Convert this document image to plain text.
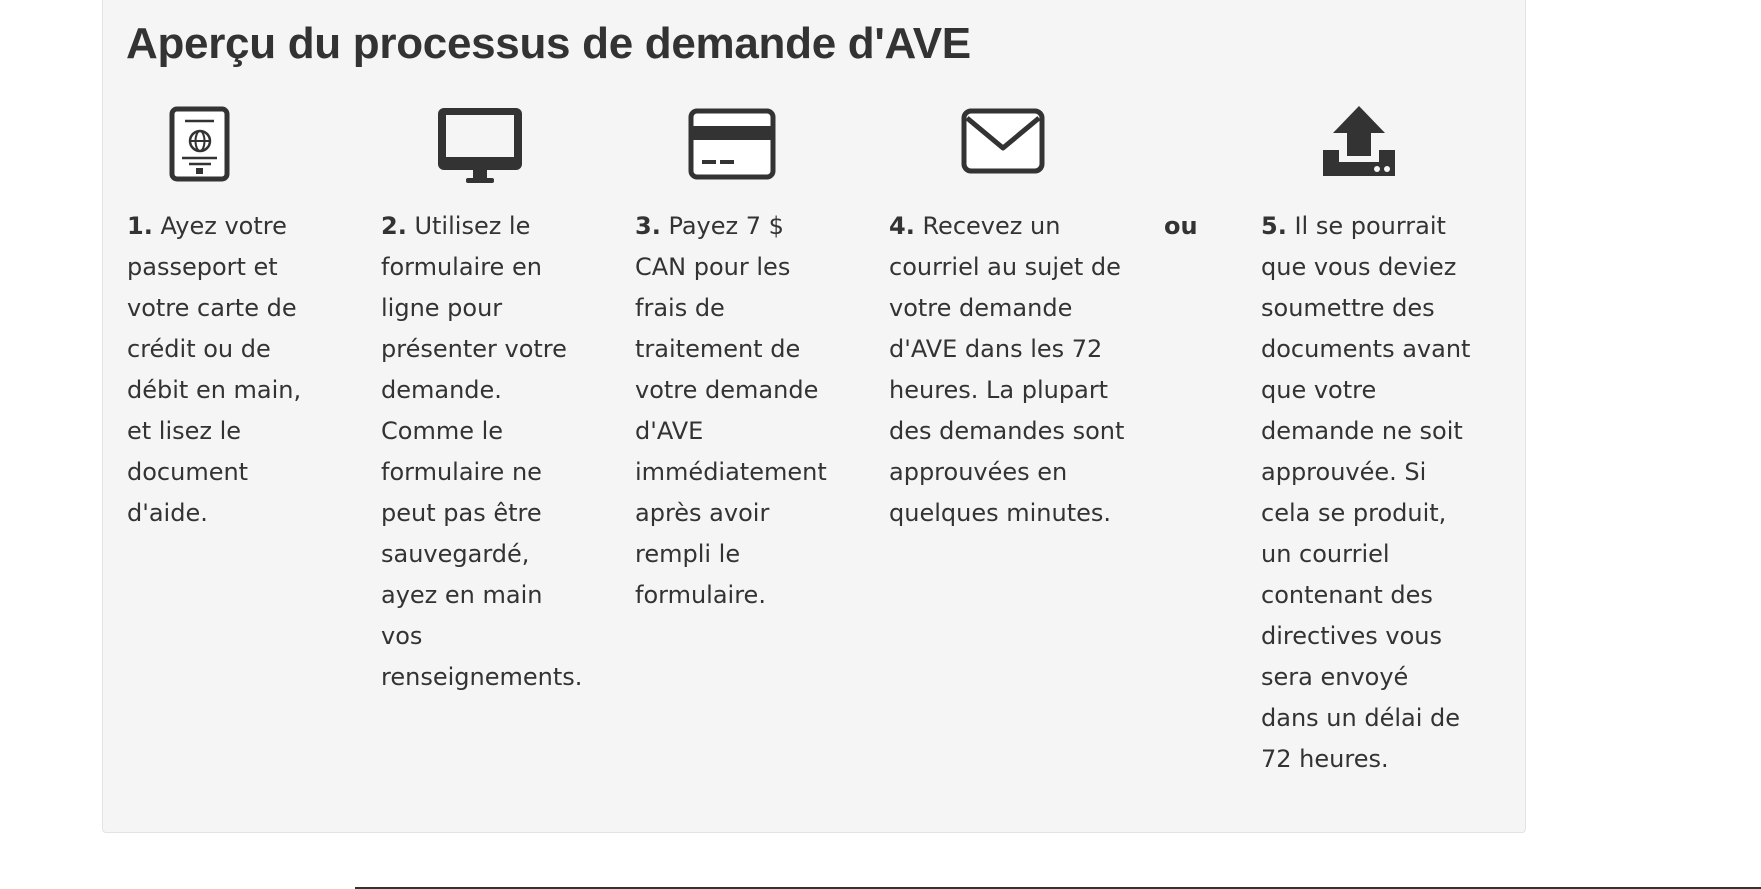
Aperçu du processus de demande d'AVE

1. Ayez votre passeport et votre carte de crédit ou de débit en main, et lisez le document d'aide.

2. Utilisez le formulaire en ligne pour présenter votre demande. Comme le formulaire ne peut pas être sauvegardé, ayez en main vos renseignements.

3. Payez 7 $ CAN pour les frais de traitement de votre demande d'AVE immédiatement après avoir rempli le formulaire.

4. Recevez un courriel au sujet de votre demande d'AVE dans les 72 heures. La plupart des demandes sont approuvées en quelques minutes.

ou	5. Il se pourrait que vous deviez soumettre des documents avant que votre demande ne soit approuvée. Si cela se produit, un courriel contenant des directives vous sera envoyé dans un délai de 72 heures.
